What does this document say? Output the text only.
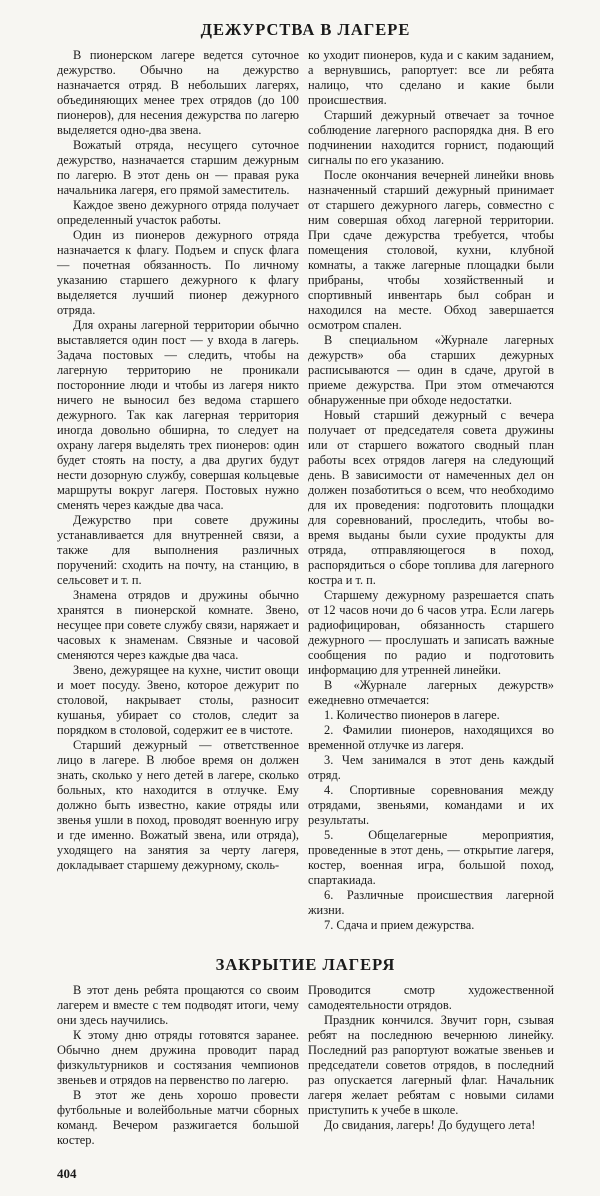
ДЕЖУРСТВА В ЛАГЕРЕ

В пионерском лагере ведется суточное дежурство. Обычно на дежурство назначается отряд. В небольших лагерях, объединяющих менее трех отрядов (до 100 пионеров), для несения дежурства по лагерю выделяется одно-два звена.

Вожатый отряда, несущего суточное дежурство, назначается старшим дежурным по лагерю. В этот день он — правая рука начальника лагеря, его прямой заместитель.

Каждое звено дежурного отряда получает определенный участок работы.

Один из пионеров дежурного отряда назначается к флагу. Подъем и спуск флага — почетная обязанность. По личному указанию старшего дежурного к флагу выделяется лучший пионер дежурного отряда.

Для охраны лагерной территории обычно выставляется один пост — у входа в лагерь. Задача постовых — следить, чтобы на лагерную территорию не проникали посторонние люди и чтобы из лагеря никто ничего не выносил без ведома старшего дежурного. Так как лагерная территория иногда довольно обширна, то следует на охрану лагеря выделять трех пионеров: один будет стоять на посту, а два других будут нести дозорную службу, совершая кольцевые маршруты вокруг лагеря. Постовых нужно сменять через каждые два часа.

Дежурство при совете дружины устанавливается для внутренней связи, а также для выполнения различных поручений: сходить на почту, на станцию, в сельсовет и т. п.

Знамена отрядов и дружины обычно хранятся в пионерской комнате. Звено, несущее при совете службу связи, наряжает и часовых к знаменам. Связные и часовой сменяются через каждые два часа.

Звено, дежурящее на кухне, чистит овощи и моет посуду. Звено, которое дежурит по столовой, накрывает столы, разносит кушанья, убирает со столов, следит за порядком в столовой, содержит ее в чистоте.

Старший дежурный — ответственное лицо в лагере. В любое время он должен знать, сколько у него детей в лагере, сколько больных, кто находится в отлучке. Ему должно быть известно, какие отряды или звенья ушли в поход, проводят военную игру и где именно. Вожатый звена, или отряда), уходящего на занятия за черту лагеря, докладывает старшему дежурному, сколь-

ко уходит пионеров, куда и с каким заданием, а вернувшись, рапортует: все ли ребята налицо, что сделано и какие были происшествия.

Старший дежурный отвечает за точное соблюдение лагерного распорядка дня. В его подчинении находится горнист, подающий сигналы по его указанию.

После окончания вечерней линейки вновь назначенный старший дежурный принимает от старшего дежурного лагерь, совместно с ним совершая обход лагерной территории. При сдаче дежурства требуется, чтобы помещения столовой, кухни, клубной комнаты, а также лагерные площадки были прибраны, чтобы хозяйственный и спортивный инвентарь был собран и находился на месте. Обход завершается осмотром спален.

В специальном «Журнале лагерных дежурств» оба старших дежурных расписываются — один в сдаче, другой в приеме дежурства. При этом отмечаются обнаруженные при обходе недостатки.

Новый старший дежурный с вечера получает от председателя совета дружины или от старшего вожатого сводный план работы всех отрядов лагеря на следующий день. В зависимости от намеченных дел он должен позаботиться о всем, что необходимо для их проведения: подготовить площадки для соревнований, проследить, чтобы во-время выданы были сухие продукты для отряда, отправляющегося в поход, распорядиться о сборе топлива для лагерного костра и т. п.

Старшему дежурному разрешается спать от 12 часов ночи до 6 часов утра. Если лагерь радиофицирован, обязанность старшего дежурного — прослушать и записать важные сообщения по радио и подготовить информацию для утренней линейки.

В «Журнале лагерных дежурств» ежедневно отмечается:

1. Количество пионеров в лагере.
2. Фамилии пионеров, находящихся во временной отлучке из лагеря.
3. Чем занимался в этот день каждый отряд.
4. Спортивные соревнования между отрядами, звеньями, командами и их результаты.
5. Общелагерные мероприятия, проведенные в этот день, — открытие лагеря, костер, военная игра, большой поход, спартакиада.
6. Различные происшествия лагерной жизни.
7. Сдача и прием дежурства.
ЗАКРЫТИЕ ЛАГЕРЯ

В этот день ребята прощаются со своим лагерем и вместе с тем подводят итоги, чему они здесь научились.

К этому дню отряды готовятся заранее. Обычно днем дружина проводит парад физкультурников и состязания чемпионов звеньев и отрядов на первенство по лагерю.

В этот же день хорошо провести футбольные и волейбольные матчи сборных команд. Вечером разжигается большой костер.

Проводится смотр художественной самодеятельности отрядов.

Праздник кончился. Звучит горн, сзывая ребят на последнюю вечернюю линейку. Последний раз рапортуют вожатые звеньев и председатели советов отрядов, в последний раз опускается лагерный флаг. Начальник лагеря желает ребятам с новыми силами приступить к учебе в школе.

До свидания, лагерь! До будущего лета!

404
